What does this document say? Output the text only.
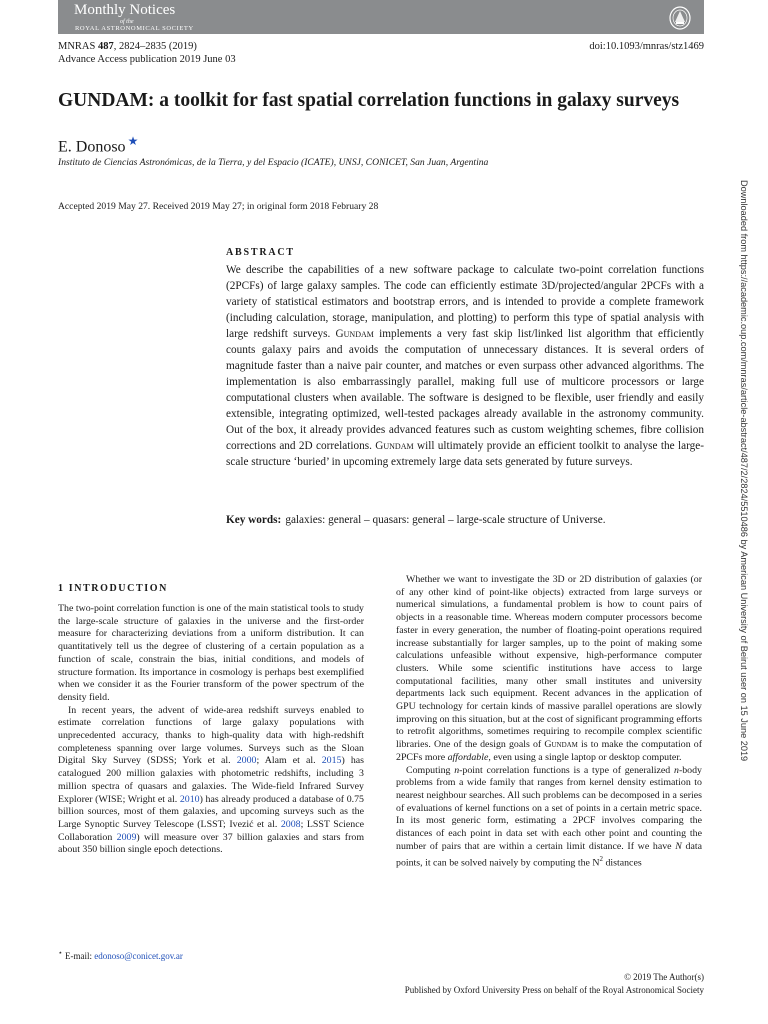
Monthly Notices
of the
ROYAL ASTRONOMICAL SOCIETY
MNRAS 487, 2824–2835 (2019)
Advance Access publication 2019 June 03
doi:10.1093/mnras/stz1469
GUNDAM: a toolkit for fast spatial correlation functions in galaxy surveys
E. Donoso ★
Instituto de Ciencias Astronómicas, de la Tierra, y del Espacio (ICATE), UNSJ, CONICET, San Juan, Argentina
Accepted 2019 May 27. Received 2019 May 27; in original form 2018 February 28
ABSTRACT
We describe the capabilities of a new software package to calculate two-point correlation functions (2PCFs) of large galaxy samples. The code can efficiently estimate 3D/projected/angular 2PCFs with a variety of statistical estimators and bootstrap errors, and is intended to provide a complete framework (including calculation, storage, manipulation, and plotting) to perform this type of spatial analysis with large redshift surveys. Gundam implements a very fast skip list/linked list algorithm that efficiently counts galaxy pairs and avoids the computation of unnecessary distances. It is several orders of magnitude faster than a naive pair counter, and matches or even surpass other advanced algorithms. The implementation is also embarrassingly parallel, making full use of multicore processors or large computational clusters when available. The software is designed to be flexible, user friendly and easily extensible, integrating optimized, well-tested packages already available in the astronomy community. Out of the box, it already provides advanced features such as custom weighting schemes, fibre collision corrections and 2D correlations. Gundam will ultimately provide an efficient toolkit to analyse the large-scale structure ‘buried’ in upcoming extremely large data sets generated by future surveys.
Key words: galaxies: general – quasars: general – large-scale structure of Universe.
1 INTRODUCTION

The two-point correlation function is one of the main statistical tools to study the large-scale structure of galaxies in the universe and the first-order measure for characterizing deviations from a uniform distribution. It can quantitatively tell us the degree of clustering of a certain population as a function of scale, constrain the bias, initial conditions, and models of structure formation. Its importance in cosmology is perhaps best exemplified when we consider it as the Fourier transform of the power spectrum of the density field.

In recent years, the advent of wide-area redshift surveys enabled to estimate correlation functions of large galaxy populations with unprecedented accuracy, thanks to high-quality data with high-redshift completeness spanning over large volumes. Surveys such as the Sloan Digital Sky Survey (SDSS; York et al. 2000; Alam et al. 2015) has catalogued 200 million galaxies with photometric redshifts, including 3 million spectra of quasars and galaxies. The Wide-field Infrared Survey Explorer (WISE; Wright et al. 2010) has already produced a database of 0.75 billion sources, most of them galaxies, and upcoming surveys such as the Large Synoptic Survey Telescope (LSST; Ivezić et al. 2008; LSST Science Collaboration 2009) will measure over 37 billion galaxies and stars from about 350 billion single epoch detections.

Whether we want to investigate the 3D or 2D distribution of galaxies (or of any other kind of point-like objects) extracted from large surveys or numerical simulations, a fundamental problem is how to count pairs of objects in a reasonable time. Whereas modern computer processors become faster in every generation, the number of floating-point operations required increase substantially for larger samples, up to the point of making some calculations unfeasible without expensive, high-performance computer clusters. While some scientific institutions have access to large computational facilities, many other small institutes and university departments lack such equipment. Recent advances in the application of GPU technology for certain kinds of massive parallel operations are slowly improving on this situation, but at the cost of significant programming efforts to retrofit algorithms, sometimes requiring to recompile complex scientific libraries. One of the design goals of Gundam is to make the computation of 2PCFs more affordable, even using a single laptop or desktop computer.

Computing n-point correlation functions is a type of generalized n-body problems from a wide family that ranges from kernel density estimation to nearest neighbour searches. All such problems can be decomposed in a series of evaluations of kernel functions on a set of points in a certain metric space. In its most generic form, estimating a 2PCF involves comparing the distances of each point in data set with each other point and counting the number of pairs that are within a certain limit distance. If we have N data points, it can be solved naively by computing the $N^2$ distances

⋆ E-mail: edonoso@conicet.gov.ar
© 2019 The Author(s)
Published by Oxford University Press on behalf of the Royal Astronomical Society
Downloaded from https://academic.oup.com/mnras/article-abstract/487/2/2824/5510486 by American University of Beirut user on 15 June 2019
